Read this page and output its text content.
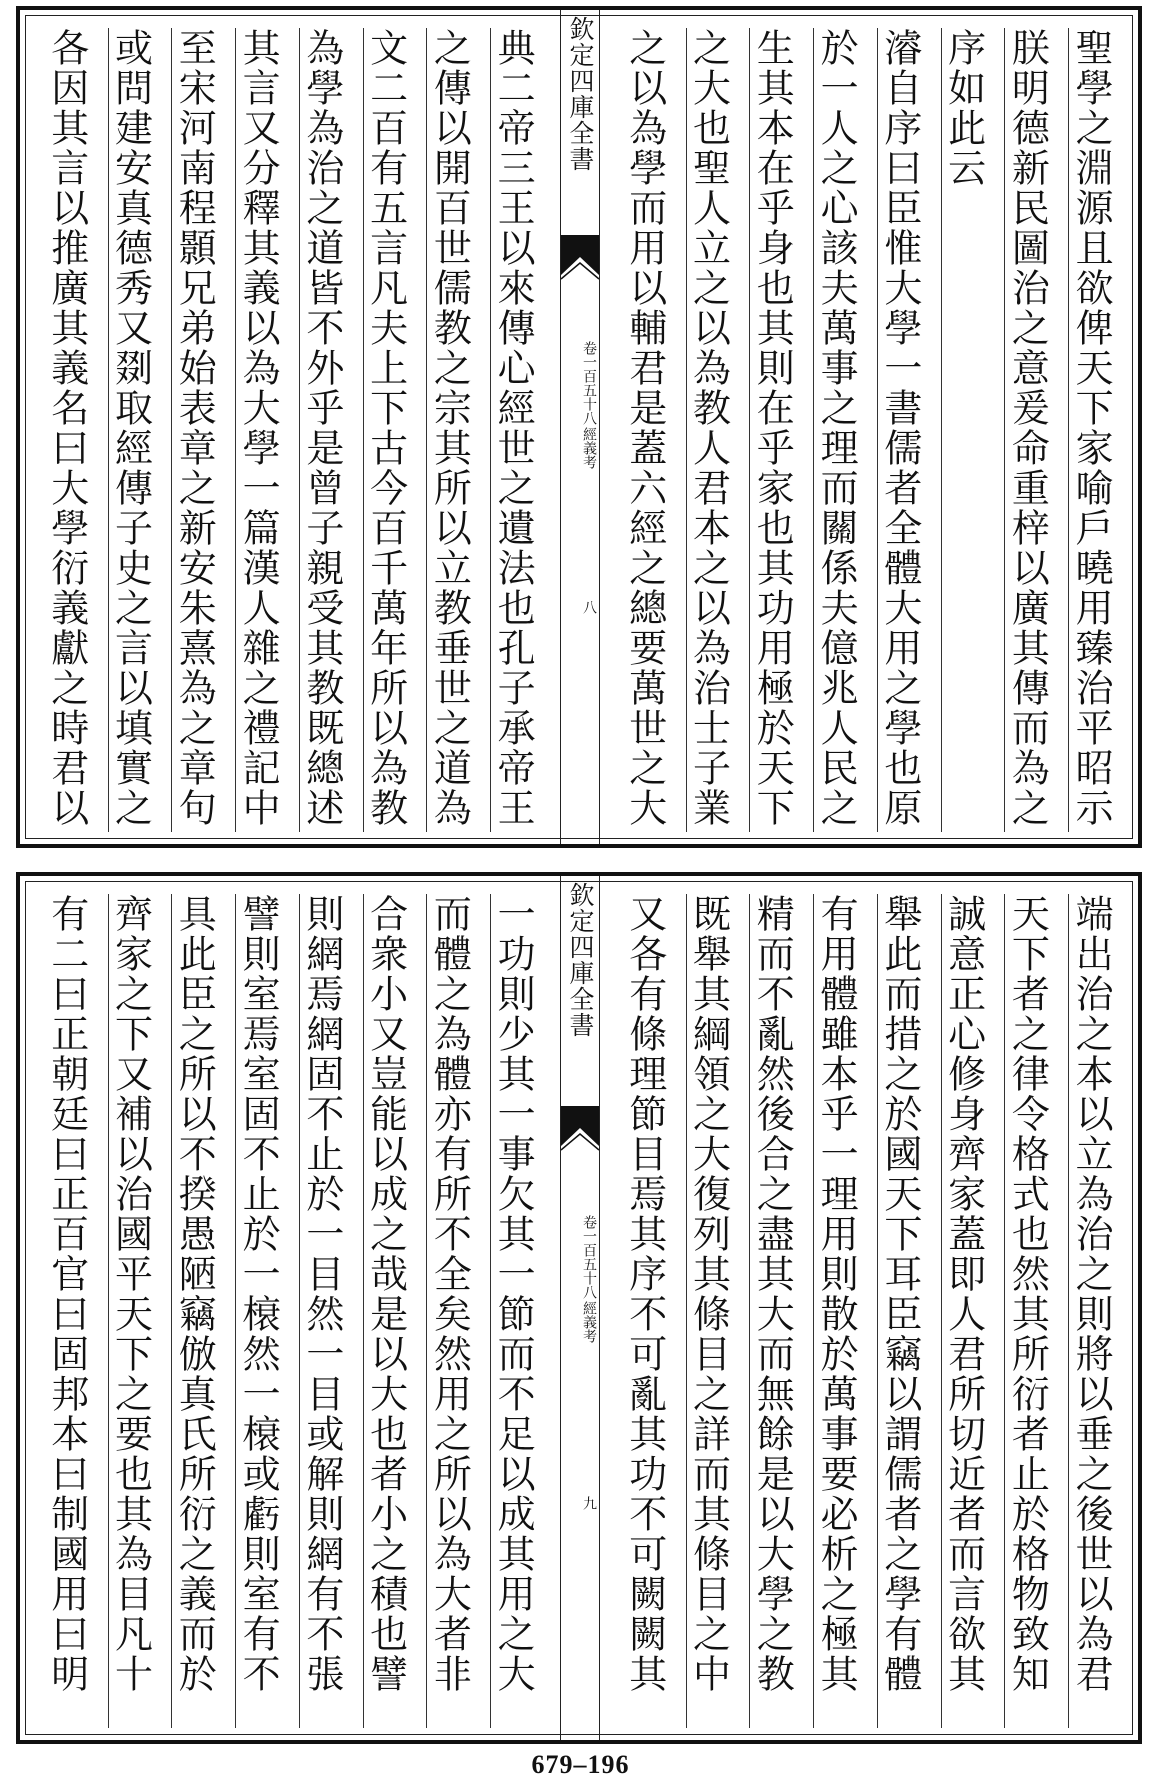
聖學之淵源且欲俾天下家喻戶曉用臻治平昭示
朕明德新民圖治之意爰命重梓以廣其傳而為之
序如此云
濬自序曰臣惟大學一書儒者全體大用之學也原
於一人之心該夫萬事之理而關係夫億兆人民之
生其本在乎身也其則在乎家也其功用極於天下
之大也聖人立之以為教人君本之以為治士子業
之以為學而用以輔君是蓋六經之總要萬世之大
欽定四庫全書
經義考
卷一百五十八
八
典二帝三王以來傳心經世之遺法也孔子承帝王
之傳以開百世儒教之宗其所以立教垂世之道為
文二百有五言凡夫上下古今百千萬年所以為教
為學為治之道皆不外乎是曾子親受其教既總述
其言又分釋其義以為大學一篇漢人雜之禮記中
至宋河南程顥兄弟始表章之新安朱熹為之章句
或問建安真德秀又剟取經傳子史之言以填實之
各因其言以推廣其義名曰大學衍義獻之時君以
端出治之本以立為治之則將以垂之後世以為君
天下者之律令格式也然其所衍者止於格物致知
誠意正心修身齊家蓋即人君所切近者而言欲其
舉此而措之於國天下耳臣竊以謂儒者之學有體
有用體雖本乎一理用則散於萬事要必析之極其
精而不亂然後合之盡其大而無餘是以大學之教
既舉其綱領之大復列其條目之詳而其條目之中
又各有條理節目焉其序不可亂其功不可闕闕其
欽定四庫全書
經義考
卷一百五十八
九
一功則少其一事欠其一節而不足以成其用之大
而體之為體亦有所不全矣然用之所以為大者非
合衆小又豈能以成之哉是以大也者小之積也譬
則網焉網固不止於一目然一目或解則網有不張
譬則室焉室固不止於一榱然一榱或虧則室有不
具此臣之所以不揆愚陋竊倣真氏所衍之義而於
齊家之下又補以治國平天下之要也其為目凡十
有二曰正朝廷曰正百官曰固邦本曰制國用曰明
679–196
